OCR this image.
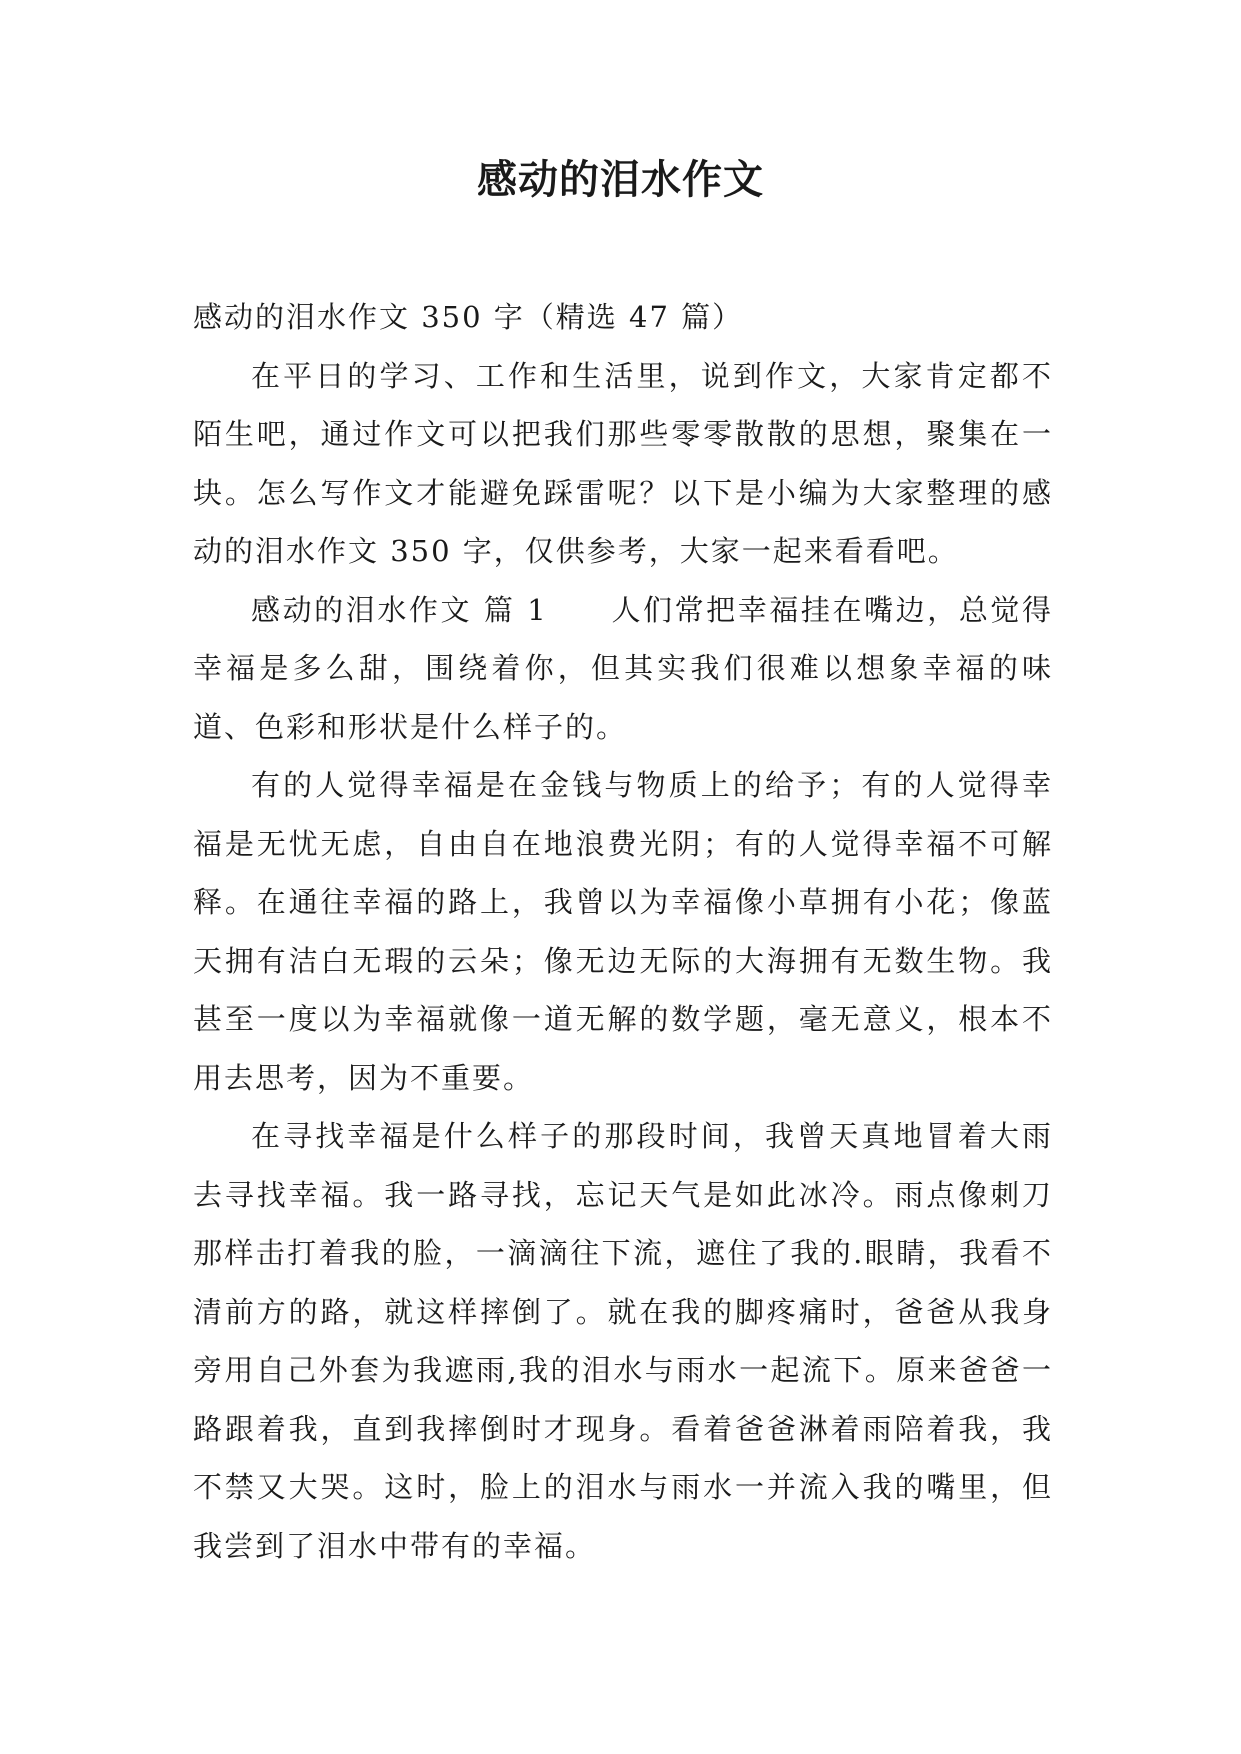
感动的泪水作文

感动的泪水作文 350 字（精选 47 篇）

在平日的学习、工作和生活里，说到作文，大家肯定都不陌生吧，通过作文可以把我们那些零零散散的思想，聚集在一块。怎么写作文才能避免踩雷呢？以下是小编为大家整理的感动的泪水作文 350 字，仅供参考，大家一起来看看吧。

感动的泪水作文 篇 1　　人们常把幸福挂在嘴边，总觉得幸福是多么甜，围绕着你，但其实我们很难以想象幸福的味道、色彩和形状是什么样子的。

有的人觉得幸福是在金钱与物质上的给予；有的人觉得幸福是无忧无虑，自由自在地浪费光阴；有的人觉得幸福不可解释。在通往幸福的路上，我曾以为幸福像小草拥有小花；像蓝天拥有洁白无瑕的云朵；像无边无际的大海拥有无数生物。我甚至一度以为幸福就像一道无解的数学题，毫无意义，根本不用去思考，因为不重要。

在寻找幸福是什么样子的那段时间，我曾天真地冒着大雨去寻找幸福。我一路寻找，忘记天气是如此冰冷。雨点像刺刀那样击打着我的脸，一滴滴往下流，遮住了我的.眼睛，我看不清前方的路，就这样摔倒了。就在我的脚疼痛时，爸爸从我身旁用自己外套为我遮雨,我的泪水与雨水一起流下。原来爸爸一路跟着我，直到我摔倒时才现身。看着爸爸淋着雨陪着我，我不禁又大哭。这时，脸上的泪水与雨水一并流入我的嘴里，但我尝到了泪水中带有的幸福。
